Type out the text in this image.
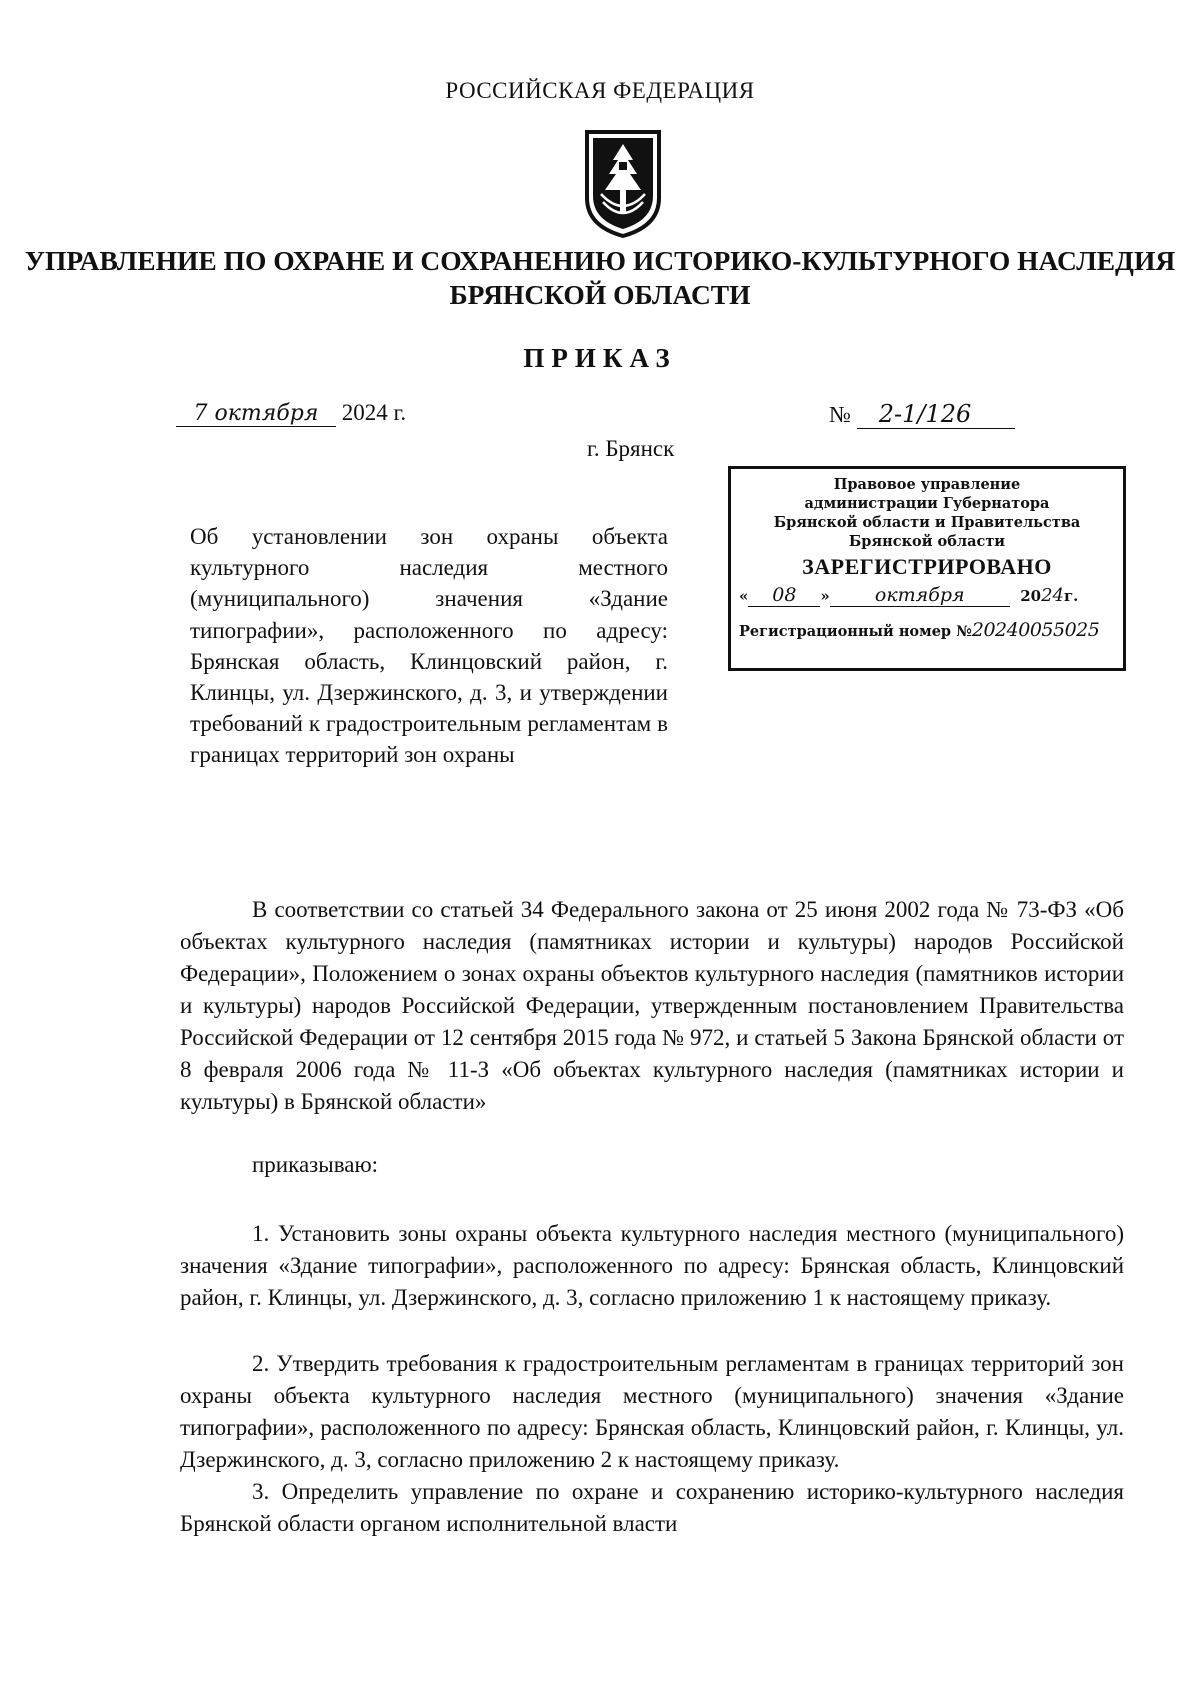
РОССИЙСКАЯ ФЕДЕРАЦИЯ
УПРАВЛЕНИЕ ПО ОХРАНЕ И СОХРАНЕНИЮ ИСТОРИКО-КУЛЬТУРНОГО НАСЛЕДИЯ БРЯНСКОЙ ОБЛАСТИ
ПРИКАЗ
7 октября 2024 г.	№ 2-1/126
г. Брянск
Правовое управление
администрации Губернатора
Брянской области и Правительства
Брянской области
ЗАРЕГИСТРИРОВАНО
« 08 » октября	2024г.
Регистрационный номер №20240055025
Об установлении зон охраны объекта культурного наследия местного (муниципального) значения «Здание типографии», расположенного по адресу: Брянская область, Клинцовский район, г. Клинцы, ул. Дзержинского, д. 3, и утверждении требований к градостроительным регламентам в границах территорий зон охраны
В соответствии со статьей 34 Федерального закона от 25 июня 2002 года № 73-ФЗ «Об объектах культурного наследия (памятниках истории и культуры) народов Российской Федерации», Положением о зонах охраны объектов культурного наследия (памятников истории и культуры) народов Российской Федерации, утвержденным постановлением Правительства Российской Федерации от 12 сентября 2015 года № 972, и статьей 5 Закона Брянской области от 8 февраля 2006 года № 11-З «Об объектах культурного наследия (памятниках истории и культуры) в Брянской области»
приказываю:
1. Установить зоны охраны объекта культурного наследия местного (муниципального) значения «Здание типографии», расположенного по адресу: Брянская область, Клинцовский район, г. Клинцы, ул. Дзержинского, д. 3, согласно приложению 1 к настоящему приказу.
2. Утвердить требования к градостроительным регламентам в границах территорий зон охраны объекта культурного наследия местного (муниципального) значения «Здание типографии», расположенного по адресу: Брянская область, Клинцовский район, г. Клинцы, ул. Дзержинского, д. 3, согласно приложению 2 к настоящему приказу.
3. Определить управление по охране и сохранению историко-культурного наследия Брянской области органом исполнительной власти
